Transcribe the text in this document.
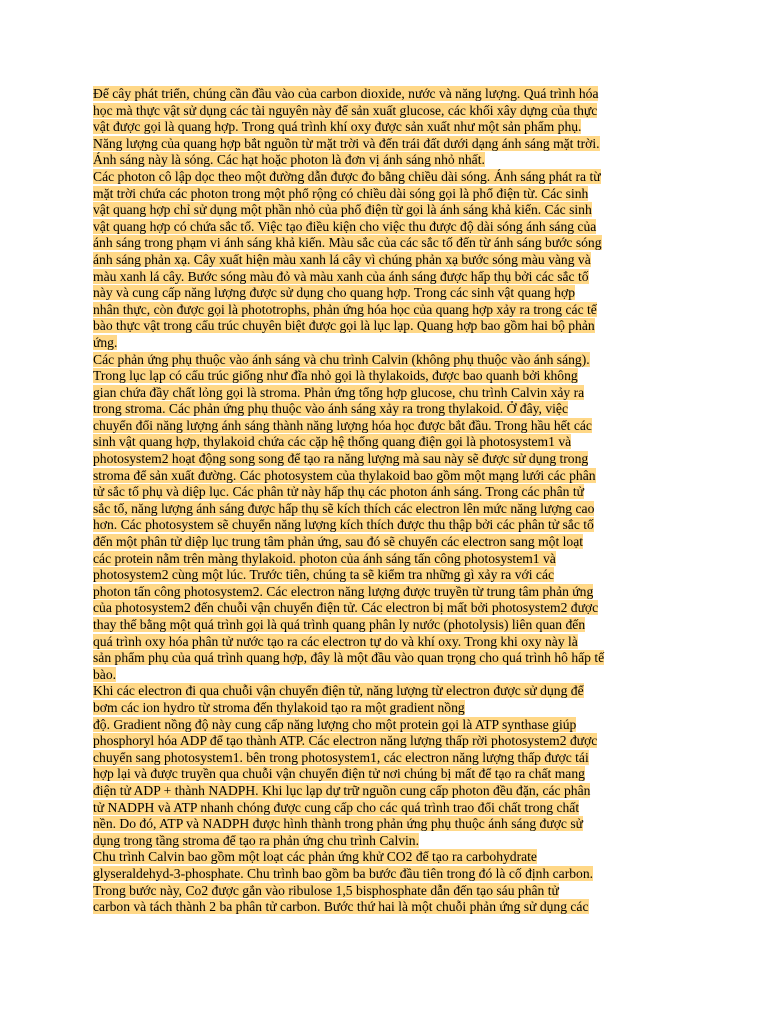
Để cây phát triển, chúng cần đầu vào của carbon dioxide, nước và năng lượng. Quá trình hóa
học mà thực vật sử dụng các tài nguyên này để sản xuất glucose, các khối xây dựng của thực
vật được gọi là quang hợp. Trong quá trình khí oxy được sản xuất như một sản phẩm phụ.
Năng lượng của quang hợp bắt nguồn từ mặt trời và đến trái đất dưới dạng ánh sáng mặt trời.
Ánh sáng này là sóng. Các hạt hoặc photon là đơn vị ánh sáng nhỏ nhất.
Các photon cô lập dọc theo một đường dẫn được đo bằng chiều dài sóng. Ánh sáng phát ra từ
mặt trời chứa các photon trong một phổ rộng có chiều dài sóng gọi là phổ điện từ. Các sinh
vật quang hợp chỉ sử dụng một phần nhỏ của phổ điện từ gọi là ánh sáng khả kiến. Các sinh
vật quang hợp có chứa sắc tố. Việc tạo điều kiện cho việc thu được độ dài sóng ánh sáng của
ánh sáng trong phạm vi ánh sáng khả kiến. Màu sắc của các sắc tố đến từ ánh sáng bước sóng
ánh sáng phản xạ. Cây xuất hiện màu xanh lá cây vì chúng phản xạ bước sóng màu vàng và
màu xanh lá cây. Bước sóng màu đỏ và màu xanh của ánh sáng được hấp thụ bởi các sắc tố
này và cung cấp năng lượng được sử dụng cho quang hợp. Trong các sinh vật quang hợp
nhân thực, còn được gọi là phototrophs, phản ứng hóa học của quang hợp xảy ra trong các tế
bào thực vật trong cấu trúc chuyên biệt được gọi là lục lạp. Quang hợp bao gồm hai bộ phản
ứng.
Các phản ứng phụ thuộc vào ánh sáng và chu trình Calvin (không phụ thuộc vào ánh sáng).
Trong lục lạp có cấu trúc giống như đĩa nhỏ gọi là thylakoids, được bao quanh bởi không
gian chứa đầy chất lỏng gọi là stroma. Phản ứng tổng hợp glucose, chu trình Calvin xảy ra
trong stroma. Các phản ứng phụ thuộc vào ánh sáng xảy ra trong thylakoid. Ở đây, việc
chuyển đổi năng lượng ánh sáng thành năng lượng hóa học được bắt đầu. Trong hầu hết các
sinh vật quang hợp, thylakoid chứa các cặp hệ thống quang điện gọi là photosystem1 và
photosystem2 hoạt động song song để tạo ra năng lượng mà sau này sẽ được sử dụng trong
stroma để sản xuất đường. Các photosystem của thylakoid bao gồm một mạng lưới các phân
tử sắc tố phụ và diệp lục. Các phân tử này hấp thụ các photon ánh sáng. Trong các phân tử
sắc tố, năng lượng ánh sáng được hấp thụ sẽ kích thích các electron lên mức năng lượng cao
hơn. Các photosystem sẽ chuyển năng lượng kích thích được thu thập bởi các phân tử sắc tố
đến một phân tử diệp lục trung tâm phản ứng, sau đó sẽ chuyển các electron sang một loạt
các protein nằm trên màng thylakoid. photon của ánh sáng tấn công photosystem1 và
photosystem2 cùng một lúc. Trước tiên, chúng ta sẽ kiểm tra những gì xảy ra với các
photon tấn công photosystem2. Các electron năng lượng được truyền từ trung tâm phản ứng
của photosystem2 đến chuỗi vận chuyển điện tử. Các electron bị mất bởi photosystem2 được
thay thế bằng một quá trình gọi là quá trình quang phân ly nước (photolysis) liên quan đến
quá trình oxy hóa phân tử nước tạo ra các electron tự do và khí oxy. Trong khi oxy này là
sản phẩm phụ của quá trình quang hợp, đây là một đầu vào quan trọng cho quá trình hô hấp tế
bào.
Khi các electron đi qua chuỗi vận chuyển điện tử, năng lượng từ electron được sử dụng để
bơm các ion hydro từ stroma đến thylakoid tạo ra một gradient nồng
độ. Gradient nồng độ này cung cấp năng lượng cho một protein gọi là ATP synthase giúp
phosphoryl hóa ADP để tạo thành ATP. Các electron năng lượng thấp rời photosystem2 được
chuyển sang photosystem1. bên trong photosystem1, các electron năng lượng thấp được tái
hợp lại và được truyền qua chuỗi vận chuyển điện tử nơi chúng bị mất để tạo ra chất mang
điện tử ADP + thành NADPH. Khi lục lạp dự trữ nguồn cung cấp photon đều đặn, các phân
tử NADPH và ATP nhanh chóng được cung cấp cho các quá trình trao đổi chất trong chất
nền. Do đó, ATP và NADPH được hình thành trong phản ứng phụ thuộc ánh sáng được sử
dụng trong tầng stroma để tạo ra phản ứng chu trình Calvin.
Chu trình Calvin bao gồm một loạt các phản ứng khử CO2 để tạo ra carbohydrate
glyseraldehyd-3-phosphate. Chu trình bao gồm ba bước đầu tiên trong đó là cố định carbon.
Trong bước này, Co2 được gắn vào ribulose 1,5 bisphosphate dẫn đến tạo sáu phân tử
carbon và tách thành 2 ba phân tử carbon. Bước thứ hai là một chuỗi phản ứng sử dụng các
